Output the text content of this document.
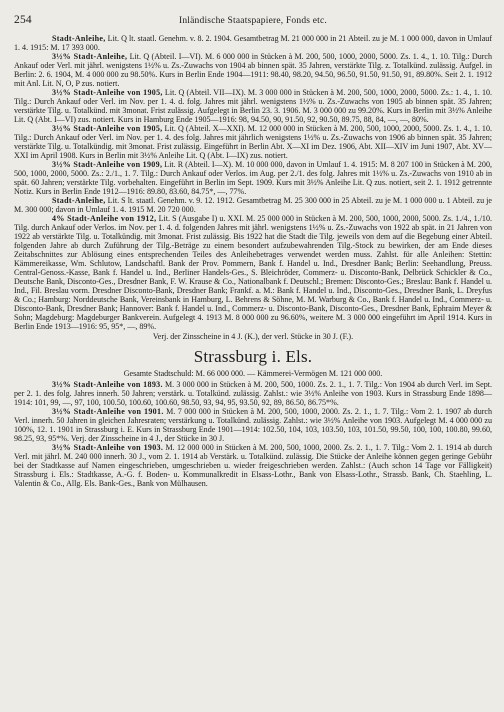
254	Inländische Staatspapiere, Fonds etc.

Stadt-Anleihe, Lit. Q lt. staatl. Genehm. v. 8. 2. 1904. Gesamtbetrag M. 21 000 000 in 21 Abteil. zu je M. 1 000 000, davon in Umlauf 1. 4. 1915: M. 17 393 000.

3½% Stadt-Anleihe, Lit. Q (Abteil. I—VI). M. 6 000 000 in Stücken à M. 200, 500, 1000, 2000, 5000. Zs. 1. 4., 1. 10. Tilg.: Durch Ankauf oder Verl. mit jährl. wenigstens 1½% u. Zs.-Zuwachs von 1904 ab binnen spät. 35 Jahren, verstärkte Tilg. z. Totalkünd. zulässig. Aufgel. in Berlin: 2. 6. 1904, M. 4 000 000 zu 98.50%. Kurs in Berlin Ende 1904—1911: 98.40, 98.20, 94.50, 96.50, 91.50, 91.50, 91, 89.80%. Seit 2. 1. 1912 mit Anl. Lit. N, O, P zus. notiert.

3½% Stadt-Anleihe von 1905, Lit. Q (Abteil. VII—IX). M. 3 000 000 in Stücken à M. 200, 500, 1000, 2000, 5000. Zs.: 1. 4., 1. 10. Tilg.: Durch Ankauf oder Verl. im Nov. per 1. 4. d. folg. Jahres mit jährl. wenigstens 1½% u. Zs.-Zuwachs von 1905 ab binnen spät. 35 Jahren; verstärkte Tilg. u. Totalkünd. mit 3monat. Frist zulässig. Aufgelegt in Berlin 23. 3. 1906. M. 3 000 000 zu 99.20%. Kurs in Berlin mit 3½% Anleihe Lit. Q (Abt. I—VI) zus. notiert. Kurs in Hamburg Ende 1905—1916: 98, 94.50, 90, 91.50, 92, 90.50, 89.75, 88, 84, —, —, 80%.

3½% Stadt-Anleihe von 1905, Lit. Q (Abteil. X—XXI). M. 12 000 000 in Stücken à M. 200, 500, 1000, 2000, 5000. Zs. 1. 4., 1. 10. Tilg.: Durch Ankauf oder Verl. im Nov. per 1. 4. des folg. Jahres mit jährlich wenigstens 1½% u. Zs.-Zuwachs von 1906 ab binnen spät. 35 Jahren; verstärkte Tilg. u. Totalkündig. mit 3monat. Frist zulässig. Eingeführt in Berlin Abt. X—XI im Dez. 1906, Abt. XII—XIV im Juni 1907, Abt. XV—XXI im April 1908. Kurs in Berlin mit 3½% Anleihe Lit. Q (Abt. I—IX) zus. notiert.

3½% Stadt-Anleihe von 1909, Lit. R (Abteil. I—X). M. 10 000 000, davon in Umlauf 1. 4. 1915: M. 8 207 100 in Stücken à M. 200, 500, 1000, 2000, 5000. Zs.: 2./1., 1. 7. Tilg.: Durch Ankauf oder Verlos. im Aug. per 2./1. des folg. Jahres mit 1½% u. Zs.-Zuwachs von 1910 ab in spät. 60 Jahren; verstärkte Tilg. vorbehalten. Eingeführt in Berlin im Sept. 1909. Kurs mit 3½% Anleihe Lit. Q zus. notiert, seit 2. 1. 1912 getrennte Notiz. Kurs in Berlin Ende 1912—1916: 89.80, 83.60, 84.75*, —, 77%.

Stadt-Anleihe, Lit. S lt. staatl. Genehm. v. 9. 12. 1912. Gesamtbetrag M. 25 300 000 in 25 Abteil. zu je M. 1 000 000 u. 1 Abteil. zu je M. 300 000; davon in Umlauf 1. 4. 1915 M. 20 720 000.

4% Stadt-Anleihe von 1912, Lit. S (Ausgabe I) u. XXI. M. 25 000 000 in Stücken à M. 200, 500, 1000, 2000, 5000. Zs. 1./4., 1./10. Tilg. durch Ankauf oder Verlos. im Nov. per 1. 4. d. folgenden Jahres mit jährl. wenigstens 1½% u. Zs.-Zuwachs von 1922 ab spät. in 21 Jahren von 1922 ab verstärkte Tilg. u. Totalkündig. mit 3monat. Frist zulässig. Bis 1922 hat die Stadt die Tilg. jeweils von dem auf die Begebung einer Abteil. folgenden Jahre ab durch Zuführung der Tilg.-Beträge zu einem besondert aufzubewahrenden Tilg.-Stock zu bewirken, der am Ende dieses Zeitabschnittes zur Ablösung eines entsprechenden Teiles des Anleihebetrages verwendet werden muss. Zahlst. für alle Anleihen: Stettin: Kämmereikasse, Wm. Schlutow, Landschaftl. Bank der Prov. Pommern, Bank f. Handel u. Ind., Dresdner Bank; Berlin: Seehandlung, Preuss. Central-Genoss.-Kasse, Bank f. Handel u. Ind., Berliner Handels-Ges., S. Bleichröder, Commerz- u. Disconto-Bank, Delbrück Schickler & Co., Deutsche Bank, Disconto-Ges., Dresdner Bank, F. W. Krause & Co., Nationalbank f. Deutschl.; Bremen: Disconto-Ges.; Breslau: Bank f. Handel u. Ind., Fil. Breslau vorm. Dresdner Disconto-Bank, Dresdner Bank; Frankf. a. M.: Bank f. Handel u. Ind., Disconto-Ges., Dresdner Bank, L. Dreyfus & Co.; Hamburg: Norddeutsche Bank, Vereinsbank in Hamburg, L. Behrens & Söhne, M. M. Warburg & Co., Bank f. Handel u. Ind., Commerz- u. Disconto-Bank, Dresdner Bank; Hannover: Bank f. Handel u. Ind., Commerz- u. Disconto-Bank, Disconto-Ges., Dresdner Bank, Ephraim Meyer & Sohn; Magdeburg: Magdeburger Bankverein. Aufgelegt 4. 1913 M. 8 000 000 zu 96.60%, weitere M. 3 000 000 eingeführt im April 1914. Kurs in Berlin Ende 1913—1916: 95, 95*, —, 89%.

Verj. der Zinsscheine in 4 J. (K.), der verl. Stücke in 30 J. (F.).

Strassburg i. Els.
Gesamte Stadtschuld: M. 66 000 000. — Kämmerei-Vermögen M. 121 000 000.

3½% Stadt-Anleihe von 1893. M. 3 000 000 in Stücken à M. 200, 500, 1000. Zs. 2. 1., 1. 7. Tilg.: Von 1904 ab durch Verl. im Sept. per 2. 1. des folg. Jahres innerh. 50 Jahren; verstärk. u. Totalkünd. zulässig. Zahlst.: wie 3½% Anleihe von 1903. Kurs in Strassburg Ende 1898—1914: 101, 99, —, 97, 100, 100.50, 100.60, 100.60, 98.50, 93, 94, 95, 93.50, 92, 89, 86.50, 86.75*%.

3½% Stadt-Anleihe von 1901. M. 7 000 000 in Stücken à M. 200, 500, 1000, 2000. Zs. 2. 1., 1. 7. Tilg.: Vom 2. 1. 1907 ab durch Verl. innerh. 50 Jahren in gleichen Jahresraten; verstärkung u. Totalkünd. zulässig. Zahlst.: wie 3½% Anleihe von 1903. Aufgelegt M. 4 000 000 zu 100%, 12. 1. 1901 in Strassburg i. E. Kurs in Strassburg Ende 1901—1914: 102.50, 104, 103, 103.50, 103, 101.50, 99.50, 100, 100, 100.80, 99.60, 98.25, 93, 95*%. Verj. der Zinsscheine in 4 J., der Stücke in 30 J.

3½% Stadt-Anleihe von 1903. M. 12 000 000 in Stücken à M. 200, 500, 1000, 2000. Zs. 2. 1., 1. 7. Tilg.: Vom 2. 1. 1914 ab durch Verl. mit jährl. M. 240 000 innerh. 30 J., vom 2. 1. 1914 ab Verstärk. u. Totalkünd. zulässig. Die Stücke der Anleihe können gegen geringe Gebühr bei der Stadtkasse auf Namen eingeschrieben, umgeschrieben u. wieder freigeschrieben werden. Zahlst.: (Auch schon 14 Tage vor Fälligkeit) Strassburg i. Els.: Stadtkasse, A.-G. f. Boden- u. Kommunalkredit in Elsass-Lothr., Bank von Elsass-Lothr., Strassb. Bank, Ch. Staehling, L. Valentin & Co., Allg. Els. Bank-Ges., Bank von Mülhausen.
